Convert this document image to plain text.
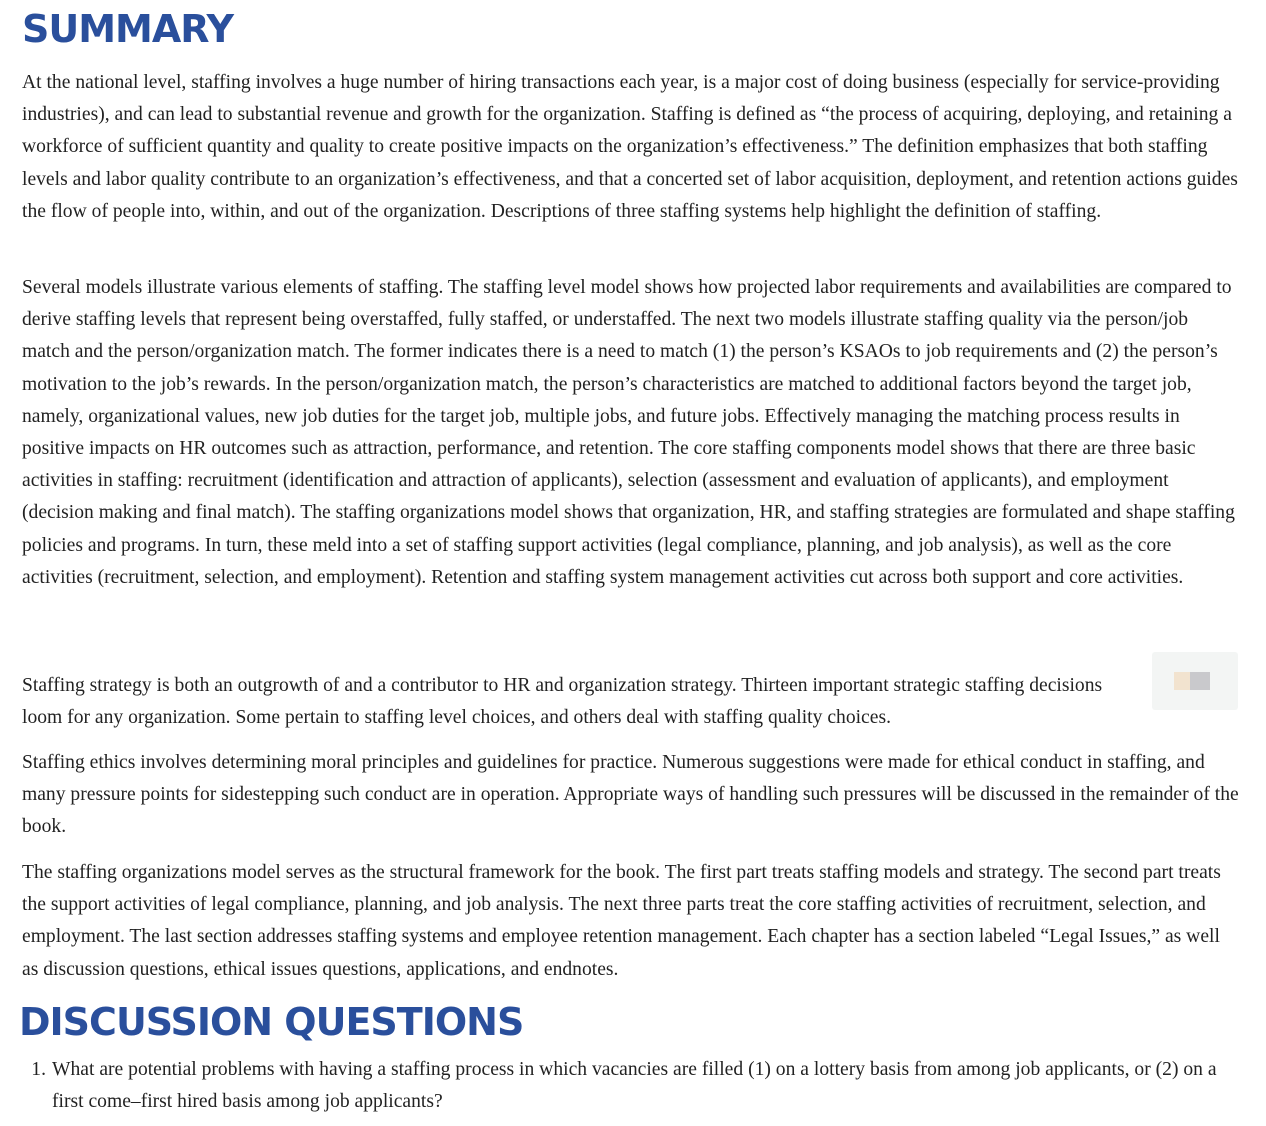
SUMMARY

At the national level, staffing involves a huge number of hiring transactions each year, is a major cost of doing business (especially for service-providing industries), and can lead to substantial revenue and growth for the organization. Staffing is defined as “the process of acquiring, deploying, and retaining a workforce of sufficient quantity and quality to create positive impacts on the organization’s effectiveness.” The definition emphasizes that both staffing levels and labor quality contribute to an organization’s effectiveness, and that a concerted set of labor acquisition, deployment, and retention actions guides the flow of people into, within, and out of the organization. Descriptions of three staffing systems help highlight the definition of staffing.

Several models illustrate various elements of staffing. The staffing level model shows how projected labor requirements and availabilities are compared to derive staffing levels that represent being overstaffed, fully staffed, or understaffed. The next two models illustrate staffing quality via the person/job match and the person/organization match. The former indicates there is a need to match (1) the person’s KSAOs to job requirements and (2) the person’s motivation to the job’s rewards. In the person/organization match, the person’s characteristics are matched to additional factors beyond the target job, namely, organizational values, new job duties for the target job, multiple jobs, and future jobs. Effectively managing the matching process results in positive impacts on HR outcomes such as attraction, performance, and retention. The core staffing components model shows that there are three basic activities in staffing: recruitment (identification and attraction of applicants), selection (assessment and evaluation of applicants), and employment (decision making and final match). The staffing organizations model shows that organization, HR, and staffing strategies are formulated and shape staffing policies and programs. In turn, these meld into a set of staffing support activities (legal compliance, planning, and job analysis), as well as the core activities (recruitment, selection, and employment). Retention and staffing system management activities cut across both support and core activities.

Staffing strategy is both an outgrowth of and a contributor to HR and organization strategy. Thirteen important strategic staffing decisions loom for any organization. Some pertain to staffing level choices, and others deal with staffing quality choices.

Staffing ethics involves determining moral principles and guidelines for practice. Numerous suggestions were made for ethical conduct in staffing, and many pressure points for sidestepping such conduct are in operation. Appropriate ways of handling such pressures will be discussed in the remainder of the book.

The staffing organizations model serves as the structural framework for the book. The first part treats staffing models and strategy. The second part treats the support activities of legal compliance, planning, and job analysis. The next three parts treat the core staffing activities of recruitment, selection, and employment. The last section addresses staffing systems and employee retention management. Each chapter has a section labeled “Legal Issues,” as well as discussion questions, ethical issues questions, applications, and endnotes.

DISCUSSION QUESTIONS
1. What are potential problems with having a staffing process in which vacancies are filled (1) on a lottery basis from among job applicants, or (2) on a first come–first hired basis among job applicants?
